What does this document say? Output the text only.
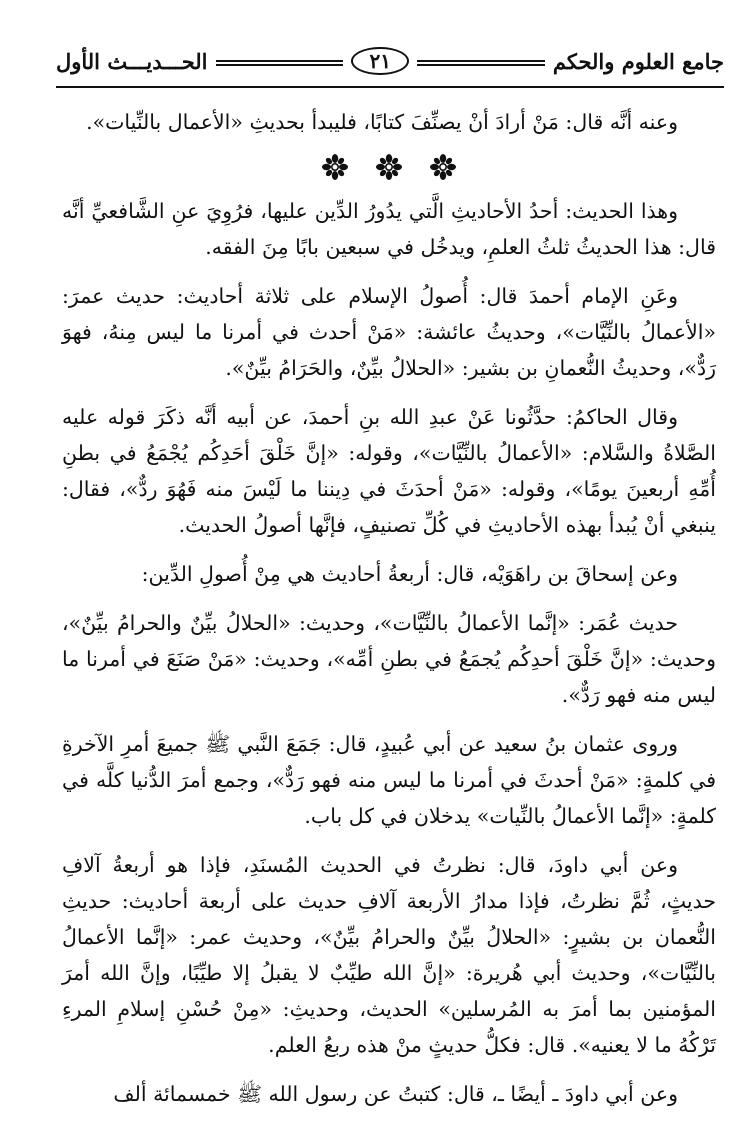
جامع العلوم والحكم
٢١
الحـــديـــث الأول

وعنه أنَّه قال: مَنْ أرادَ أنْ يصنِّفَ كتابًا، فليبدأ بحديثِ «الأعمال بالنِّيات».

وهذا الحديث: أحدُ الأحاديثِ الَّتي يدُورُ الدِّين عليها، فرُوِيَ عنِ الشَّافعيِّ أنَّه قال: هذا الحديثُ ثلثُ العلمِ، ويدخُل في سبعين بابًا مِنَ الفقه.

وعَنِ الإمام أحمدَ قال: أُصولُ الإسلام على ثلاثة أحاديث: حديث عمرَ: «الأعمالُ بالنِّيَّات»، وحديثُ عائشة: «مَنْ أحدث في أمرنا ما ليس مِنهُ، فهوَ رَدٌّ»، وحديثُ النُّعمانِ بن بشير: «الحلالُ بيِّنٌ، والحَرَامُ بيِّنٌ».

وقال الحاكمُ: حدَّثُونا عَنْ عبدِ الله بنِ أحمدَ، عن أبيه أنَّه ذكَرَ قوله عليه الصَّلاةُ والسَّلام: «الأعمالُ بالنِّيَّات»، وقوله: «إنَّ خَلْقَ أحَدِكُم يُجْمَعُ في بطنِ أُمِّهِ أربعينَ يومًا»، وقوله: «مَنْ أحدَثَ في دِيننا ما لَيْسَ منه فَهُوَ ردٌّ»، فقال: ينبغي أنْ يُبدأ بهذه الأحاديثِ في كُلِّ تصنيفٍ، فإنَّها أصولُ الحديث.

وعن إسحاقَ بن راهَوَيْه، قال: أربعةُ أحاديث هي مِنْ أُصولِ الدِّين:

حديث عُمَر: «إنَّما الأعمالُ بالنِّيَّات»، وحديث: «الحلالُ بيِّنٌ والحرامُ بيِّنٌ»، وحديث: «إنَّ خَلْقَ أحدِكُم يُجمَعُ في بطنِ أمِّه»، وحديث: «مَنْ صَنَعَ في أمرنا ما ليس منه فهو رَدٌّ».

وروى عثمان بنُ سعيد عن أبي عُبيدٍ، قال: جَمَعَ النَّبي ﷺ جميعَ أمرِ الآخرةِ في كلمةٍ: «مَنْ أحدثَ في أمرنا ما ليس منه فهو رَدٌّ»، وجمع أمرَ الدُّنيا كلَّه في كلمةٍ: «إنَّما الأعمالُ بالنِّيات» يدخلان في كل باب.

وعن أبي داودَ، قال: نظرتُ في الحديث المُسنَدِ، فإذا هو أربعةُ آلافِ حديثٍ، ثُمَّ نظرتُ، فإذا مدارُ الأربعة آلافِ حديث على أربعة أحاديث: حديثِ النُّعمان بن بشيرٍ: «الحلالُ بيِّنٌ والحرامُ بيِّنٌ»، وحديث عمر: «إنَّما الأعمالُ بالنِّيَّات»، وحديث أبي هُريرة: «إنَّ الله طيِّبٌ لا يقبلُ إلا طيِّبًا، وإنَّ الله أمرَ المؤمنين بما أمرَ به المُرسلين» الحديث، وحديثِ: «مِنْ حُسْنِ إسلامِ المرءِ تَرْكُهُ ما لا يعنيه». قال: فكلُّ حديثٍ منْ هذه ربعُ العلم.

وعن أبي داودَ ـ أيضًا ـ، قال: كتبتُ عن رسول الله ﷺ خمسمائة ألف
